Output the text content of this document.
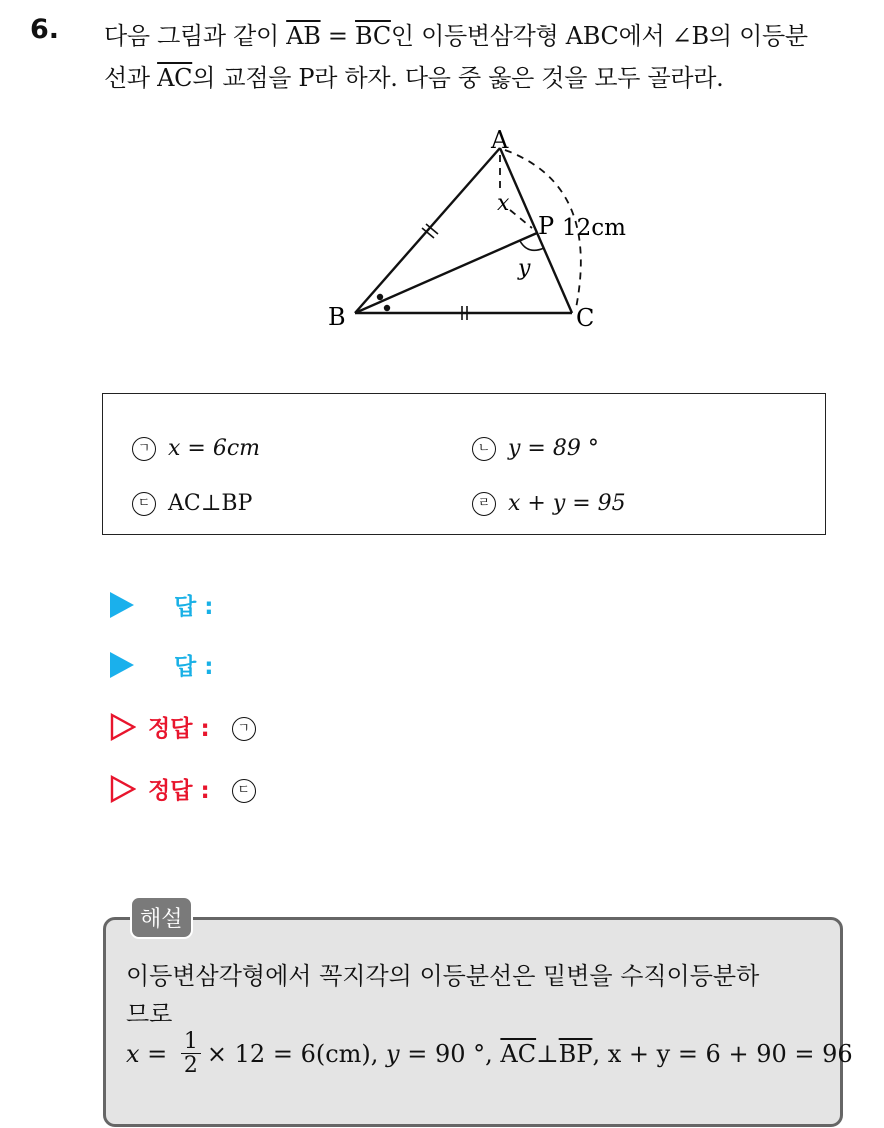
6. 다음 그림과 같이 $\overline{AB} = \overline{BC}$인 이등변삼각형 ABC에서 ∠B의 이등분
선과 $\overline{AC}$의 교점을 P라 하자. 다음 중 옳은 것을 모두 골라라.
A
B	C
P
x
y
12cm
ㄱ x = 6cm	ㄴ y = 89 °
ㄷ AC⊥BP	ㄹ x + y = 95
답 :
답 :
정답 :	ㄱ
정답 :	ㄷ
해설
이등변삼각형에서 꼭지각의 이등분선은 밑변을 수직이등분하
므로
$x = \frac{1}{2} \times 12 = 6(cm)$, y = 90 °, $\overline{AC}$ ⊥ $\overline{BP}$ , x + y = 6 + 90 = 96
